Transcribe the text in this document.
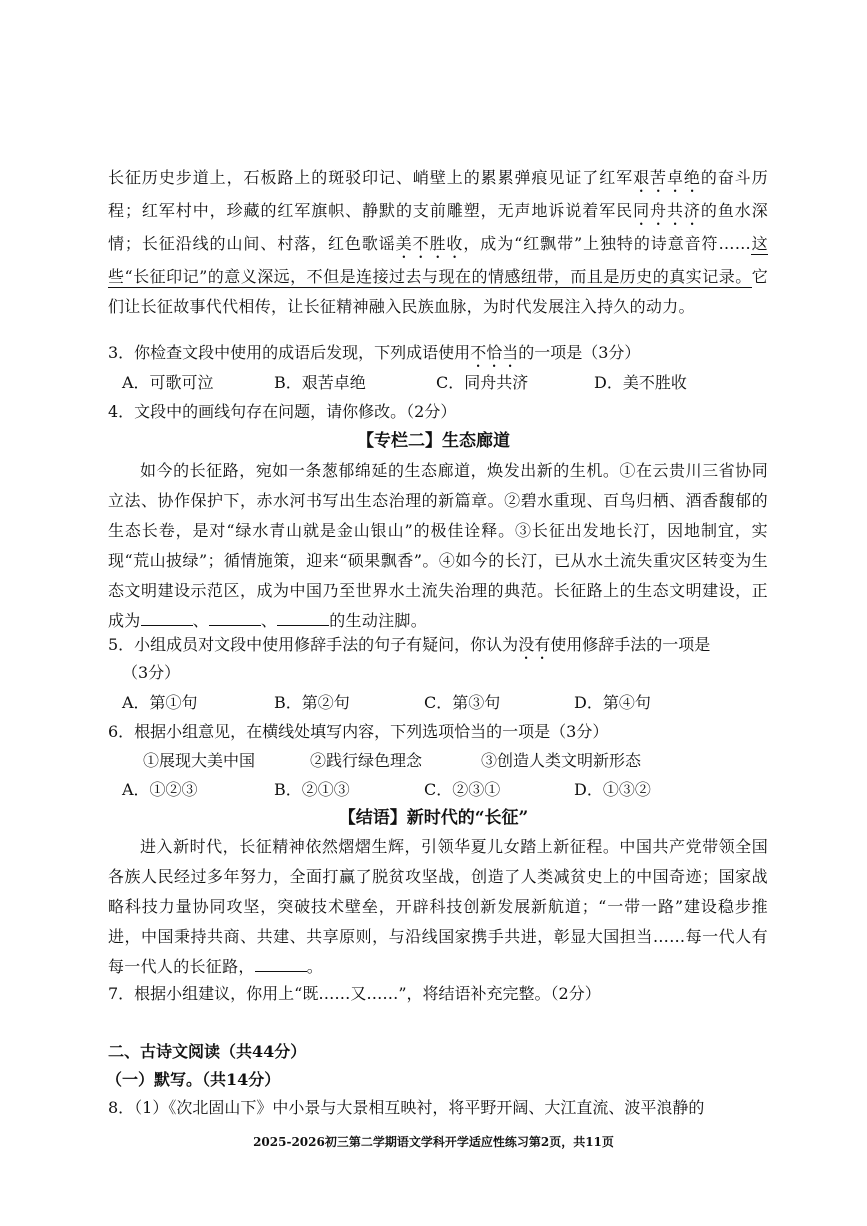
长征历史步道上，石板路上的斑驳印记、峭壁上的累累弹痕见证了红军艰苦卓绝的奋斗历程；红军村中，珍藏的红军旗帜、静默的支前雕塑，无声地诉说着军民同舟共济的鱼水深情；长征沿线的山间、村落，红色歌谣美不胜收，成为“红飘带”上独特的诗意音符……这些“长征印记”的意义深远，不但是连接过去与现在的情感纽带，而且是历史的真实记录。它们让长征故事代代相传，让长征精神融入民族血脉，为时代发展注入持久的动力。
3．你检查文段中使用的成语后发现，下列成语使用不恰当的一项是（3分）
A．可歌可泣	B．艰苦卓绝	C．同舟共济	D．美不胜收
4．文段中的画线句存在问题，请你修改。（2分）
【专栏二】生态廊道
如今的长征路，宛如一条葱郁绵延的生态廊道，焕发出新的生机。①在云贵川三省协同立法、协作保护下，赤水河书写出生态治理的新篇章。②碧水重现、百鸟归栖、酒香馥郁的生态长卷，是对“绿水青山就是金山银山”的极佳诠释。③长征出发地长汀，因地制宜，实现“荒山披绿”；循情施策，迎来“硕果飘香”。④如今的长汀，已从水土流失重灾区转变为生态文明建设示范区，成为中国乃至世界水土流失治理的典范。长征路上的生态文明建设，正成为	、	、	的生动注脚。
5．小组成员对文段中使用修辞手法的句子有疑问，你认为没有使用修辞手法的一项是
（3分）
A．第①句	B．第②句	C．第③句	D．第④句
6．根据小组意见，在横线处填写内容，下列选项恰当的一项是（3分）
①展现大美中国	②践行绿色理念	③创造人类文明新形态
A．①②③	B．②①③	C．②③①	D．①③②
【结语】新时代的“长征”
进入新时代，长征精神依然熠熠生辉，引领华夏儿女踏上新征程。中国共产党带领全国各族人民经过多年努力，全面打赢了脱贫攻坚战，创造了人类减贫史上的中国奇迹；国家战略科技力量协同攻坚，突破技术壁垒，开辟科技创新发展新航道；“一带一路”建设稳步推进，中国秉持共商、共建、共享原则，与沿线国家携手共进，彰显大国担当……每一代人有每一代人的长征路，	。
7．根据小组建议，你用上“既……又……”，将结语补充完整。（2分）
二、古诗文阅读（共44分）
（一）默写。（共14分）
8．（1）《次北固山下》中小景与大景相互映衬，将平野开阔、大江直流、波平浪静的
2025-2026初三第二学期语文学科开学适应性练习第2页，共11页
